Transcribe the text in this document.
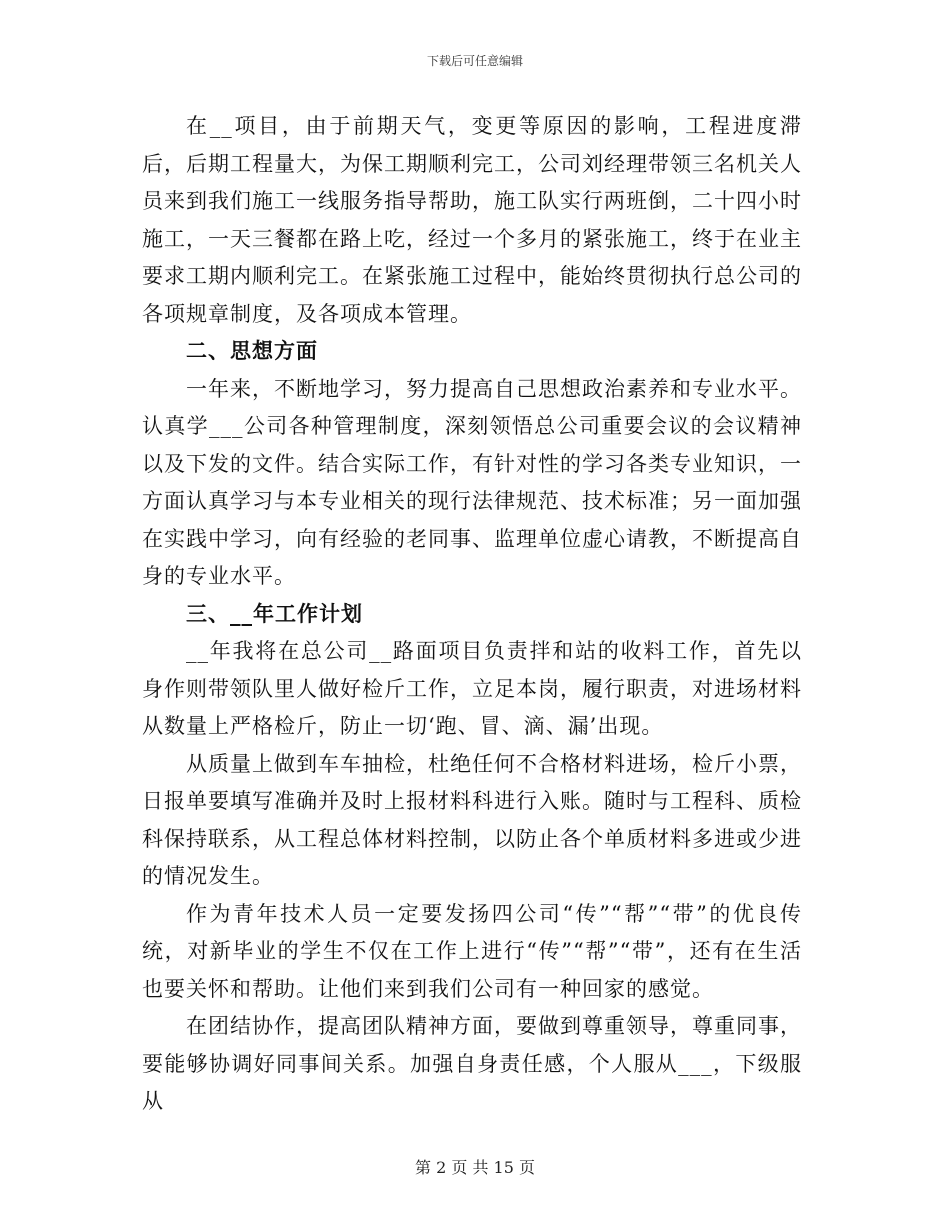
下载后可任意编辑

在__项目，由于前期天气，变更等原因的影响，工程进度滞后，后期工程量大，为保工期顺利完工，公司刘经理带领三名机关人员来到我们施工一线服务指导帮助，施工队实行两班倒，二十四小时施工，一天三餐都在路上吃，经过一个多月的紧张施工，终于在业主要求工期内顺利完工。在紧张施工过程中，能始终贯彻执行总公司的各项规章制度，及各项成本管理。

二、思想方面

一年来，不断地学习，努力提高自己思想政治素养和专业水平。认真学___公司各种管理制度，深刻领悟总公司重要会议的会议精神以及下发的文件。结合实际工作，有针对性的学习各类专业知识，一方面认真学习与本专业相关的现行法律规范、技术标准；另一面加强在实践中学习，向有经验的老同事、监理单位虚心请教，不断提高自身的专业水平。

三、__年工作计划

__年我将在总公司__路面项目负责拌和站的收料工作，首先以身作则带领队里人做好检斤工作，立足本岗，履行职责，对进场材料从数量上严格检斤，防止一切‘跑、冒、滴、漏’出现。

从质量上做到车车抽检，杜绝任何不合格材料进场，检斤小票，日报单要填写准确并及时上报材料科进行入账。随时与工程科、质检科保持联系，从工程总体材料控制，以防止各个单质材料多进或少进的情况发生。

作为青年技术人员一定要发扬四公司“传”“帮”“带”的优良传统，对新毕业的学生不仅在工作上进行“传”“帮”“带”，还有在生活也要关怀和帮助。让他们来到我们公司有一种回家的感觉。

在团结协作，提高团队精神方面，要做到尊重领导，尊重同事，要能够协调好同事间关系。加强自身责任感，个人服从___，下级服从

第 2 页 共 15 页
